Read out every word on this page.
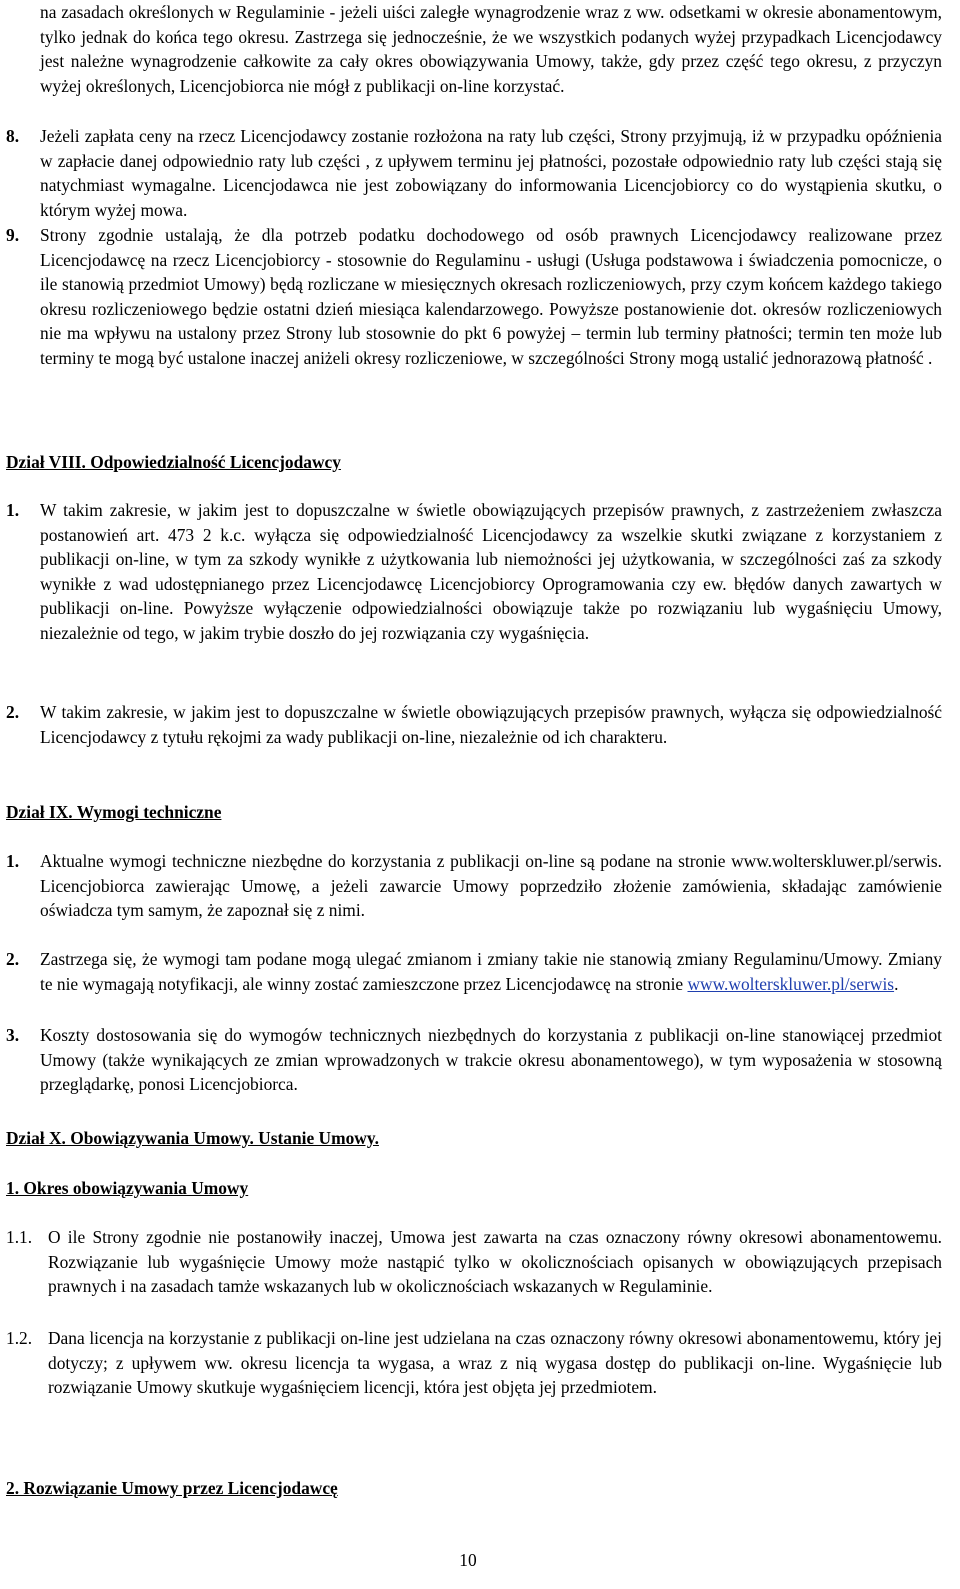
na zasadach określonych w Regulaminie - jeżeli uiści zaległe wynagrodzenie wraz z ww. odsetkami w okresie abonamentowym, tylko jednak do końca tego okresu. Zastrzega się jednocześnie, że we wszystkich podanych wyżej przypadkach Licencjodawcy jest należne wynagrodzenie całkowite za cały okres obowiązywania Umowy, także, gdy przez część tego okresu, z przyczyn wyżej określonych, Licencjobiorca nie mógł z publikacji on-line korzystać.
8.	Jeżeli zapłata ceny na rzecz Licencjodawcy zostanie rozłożona na raty lub części, Strony przyjmują, iż w przypadku opóźnienia w zapłacie danej odpowiednio raty lub części , z upływem terminu jej płatności, pozostałe odpowiednio raty lub części stają się natychmiast wymagalne. Licencjodawca nie jest zobowiązany do informowania Licencjobiorcy co do wystąpienia skutku, o którym wyżej mowa.
9.	Strony zgodnie ustalają, że dla potrzeb podatku dochodowego od osób prawnych Licencjodawcy realizowane przez Licencjodawcę na rzecz Licencjobiorcy - stosownie do Regulaminu - usługi (Usługa podstawowa i świadczenia pomocnicze, o ile stanowią przedmiot Umowy) będą rozliczane w miesięcznych okresach rozliczeniowych, przy czym końcem każdego takiego okresu rozliczeniowego będzie ostatni dzień miesiąca kalendarzowego. Powyższe postanowienie dot. okresów rozliczeniowych nie ma wpływu na ustalony przez Strony lub stosownie do pkt 6 powyżej – termin lub terminy płatności; termin ten może lub terminy te mogą być ustalone inaczej aniżeli okresy rozliczeniowe, w szczególności Strony mogą ustalić jednorazową płatność .
Dział VIII. Odpowiedzialność Licencjodawcy
1.	W takim zakresie, w jakim jest to dopuszczalne w świetle obowiązujących przepisów prawnych, z zastrzeżeniem zwłaszcza postanowień art. 473 2 k.c. wyłącza się odpowiedzialność Licencjodawcy za wszelkie skutki związane z korzystaniem z publikacji on-line, w tym za szkody wynikłe z użytkowania lub niemożności jej użytkowania, w szczególności zaś za szkody wynikłe z wad udostępnianego przez Licencjodawcę Licencjobiorcy Oprogramowania czy ew. błędów danych zawartych w publikacji on-line. Powyższe wyłączenie odpowiedzialności obowiązuje także po rozwiązaniu lub wygaśnięciu Umowy, niezależnie od tego, w jakim trybie doszło do jej rozwiązania czy wygaśnięcia.
2.	W takim zakresie, w jakim jest to dopuszczalne w świetle obowiązujących przepisów prawnych, wyłącza się odpowiedzialność Licencjodawcy z tytułu rękojmi za wady publikacji on-line, niezależnie od ich charakteru.
Dział IX. Wymogi techniczne
1.	Aktualne wymogi techniczne niezbędne do korzystania z publikacji on-line są podane na stronie www.wolterskluwer.pl/serwis. Licencjobiorca zawierając Umowę, a jeżeli zawarcie Umowy poprzedziło złożenie zamówienia, składając zamówienie oświadcza tym samym, że zapoznał się z nimi.
2.	Zastrzega się, że wymogi tam podane mogą ulegać zmianom i zmiany takie nie stanowią zmiany Regulaminu/Umowy. Zmiany te nie wymagają notyfikacji, ale winny zostać zamieszczone przez Licencjodawcę na stronie www.wolterskluwer.pl/serwis.
3.	Koszty dostosowania się do wymogów technicznych niezbędnych do korzystania z publikacji on-line stanowiącej przedmiot Umowy (także wynikających ze zmian wprowadzonych w trakcie okresu abonamentowego), w tym wyposażenia w stosowną przeglądarkę, ponosi Licencjobiorca.
Dział X. Obowiązywania Umowy. Ustanie Umowy.
1. Okres obowiązywania Umowy
1.1. O ile Strony zgodnie nie postanowiły inaczej, Umowa jest zawarta na czas oznaczony równy okresowi abonamentowemu. Rozwiązanie lub wygaśnięcie Umowy może nastąpić tylko w okolicznościach opisanych w obowiązujących przepisach prawnych i na zasadach tamże wskazanych lub w okolicznościach wskazanych w Regulaminie.
1.2. Dana licencja na korzystanie z publikacji on-line jest udzielana na czas oznaczony równy okresowi abonamentowemu, który jej dotyczy; z upływem ww. okresu licencja ta wygasa, a wraz z nią wygasa dostęp do publikacji on-line. Wygaśnięcie lub rozwiązanie Umowy skutkuje wygaśnięciem licencji, która jest objęta jej przedmiotem.
2. Rozwiązanie Umowy przez Licencjodawcę
10
